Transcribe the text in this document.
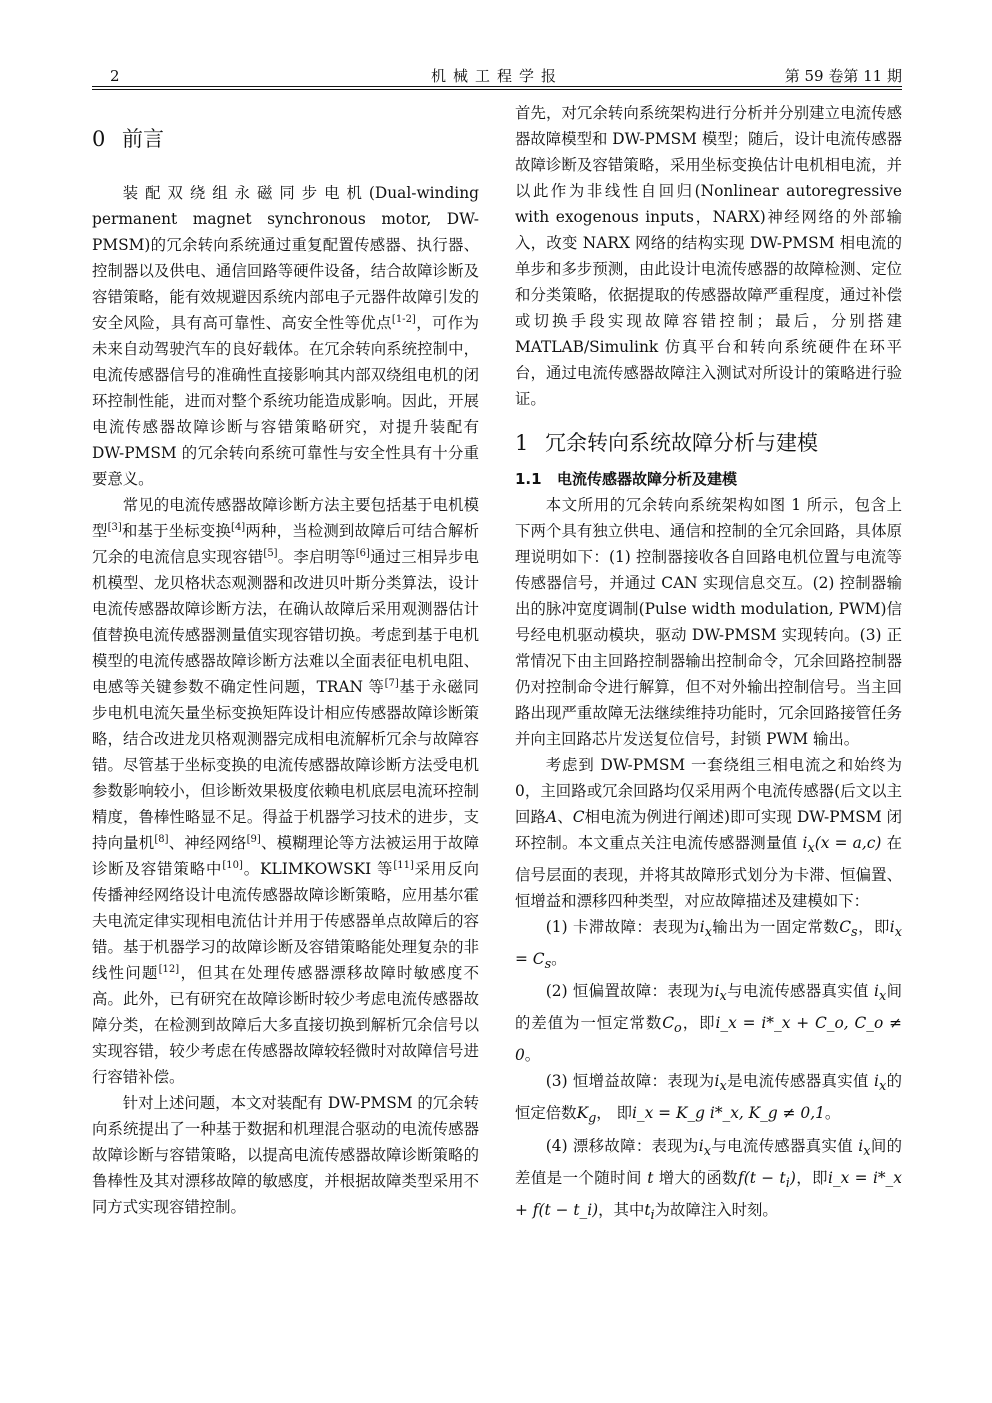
2	机械工程学报	第 59 卷第 11 期
0 前言

装配双绕组永磁同步电机(Dual-winding permanent magnet synchronous motor, DW-PMSM)的冗余转向系统通过重复配置传感器、执行器、控制器以及供电、通信回路等硬件设备，结合故障诊断及容错策略，能有效规避因系统内部电子元器件故障引发的安全风险，具有高可靠性、高安全性等优点[1-2]，可作为未来自动驾驶汽车的良好载体。在冗余转向系统控制中，电流传感器信号的准确性直接影响其内部双绕组电机的闭环控制性能，进而对整个系统功能造成影响。因此，开展电流传感器故障诊断与容错策略研究，对提升装配有 DW-PMSM 的冗余转向系统可靠性与安全性具有十分重要意义。

常见的电流传感器故障诊断方法主要包括基于电机模型[3]和基于坐标变换[4]两种，当检测到故障后可结合解析冗余的电流信息实现容错[5]。李启明等[6]通过三相异步电机模型、龙贝格状态观测器和改进贝叶斯分类算法，设计电流传感器故障诊断方法，在确认故障后采用观测器估计值替换电流传感器测量值实现容错切换。考虑到基于电机模型的电流传感器故障诊断方法难以全面表征电机电阻、电感等关键参数不确定性问题，TRAN 等[7]基于永磁同步电机电流矢量坐标变换矩阵设计相应传感器故障诊断策略，结合改进龙贝格观测器完成相电流解析冗余与故障容错。尽管基于坐标变换的电流传感器故障诊断方法受电机参数影响较小，但诊断效果极度依赖电机底层电流环控制精度，鲁棒性略显不足。得益于机器学习技术的进步，支持向量机[8]、神经网络[9]、模糊理论等方法被运用于故障诊断及容错策略中[10]。KLIMKOWSKI 等[11]采用反向传播神经网络设计电流传感器故障诊断策略，应用基尔霍夫电流定律实现相电流估计并用于传感器单点故障后的容错。基于机器学习的故障诊断及容错策略能处理复杂的非线性问题[12]，但其在处理传感器漂移故障时敏感度不高。此外，已有研究在故障诊断时较少考虑电流传感器故障分类，在检测到故障后大多直接切换到解析冗余信号以实现容错，较少考虑在传感器故障较轻微时对故障信号进行容错补偿。

针对上述问题，本文对装配有 DW-PMSM 的冗余转向系统提出了一种基于数据和机理混合驱动的电流传感器故障诊断与容错策略，以提高电流传感器故障诊断策略的鲁棒性及其对漂移故障的敏感度，并根据故障类型采用不同方式实现容错控制。

首先，对冗余转向系统架构进行分析并分别建立电流传感器故障模型和 DW-PMSM 模型；随后，设计电流传感器故障诊断及容错策略，采用坐标变换估计电机相电流，并以此作为非线性自回归(Nonlinear autoregressive with exogenous inputs，NARX)神经网络的外部输入，改变 NARX 网络的结构实现 DW-PMSM 相电流的单步和多步预测，由此设计电流传感器的故障检测、定位和分类策略，依据提取的传感器故障严重程度，通过补偿或切换手段实现故障容错控制；最后，分别搭建 MATLAB/Simulink 仿真平台和转向系统硬件在环平台，通过电流传感器故障注入测试对所设计的策略进行验证。

1 冗余转向系统故障分析与建模
1.1 电流传感器故障分析及建模

本文所用的冗余转向系统架构如图 1 所示，包含上下两个具有独立供电、通信和控制的全冗余回路，具体原理说明如下：(1) 控制器接收各自回路电机位置与电流等传感器信号，并通过 CAN 实现信息交互。(2) 控制器输出的脉冲宽度调制(Pulse width modulation, PWM)信号经电机驱动模块，驱动 DW-PMSM 实现转向。(3) 正常情况下由主回路控制器输出控制命令，冗余回路控制器仍对控制命令进行解算，但不对外输出控制信号。当主回路出现严重故障无法继续维持功能时，冗余回路接管任务并向主回路芯片发送复位信号，封锁 PWM 输出。

考虑到 DW-PMSM 一套绕组三相电流之和始终为 0，主回路或冗余回路均仅采用两个电流传感器(后文以主回路A、C相电流为例进行阐述)即可实现 DW-PMSM 闭环控制。本文重点关注电流传感器测量值 $i_x(x = a,c)$ 在信号层面的表现，并将其故障形式划分为卡滞、恒偏置、恒增益和漂移四种类型，对应故障描述及建模如下：

(1) 卡滞故障：表现为$i_x$输出为一固定常数$C_s$，即$i_x = C_s$。

(2) 恒偏置故障：表现为$i_x$与电流传感器真实值 $i_x$间的差值为一恒定常数$C_o$，即i_x = i*_x + C_o, C_o ≠ 0。

(3) 恒增益故障：表现为$i_x$是电流传感器真实值 $i_x$的恒定倍数$K_g$， 即i_x = K_g i*_x, K_g ≠ 0,1。

(4) 漂移故障：表现为$i_x$与电流传感器真实值 $i_x$间的差值是一个随时间 t 增大的函数$f(t - t_i)$，即i_x = i*_x + f(t − t_i)，其中$t_i$为故障注入时刻。
